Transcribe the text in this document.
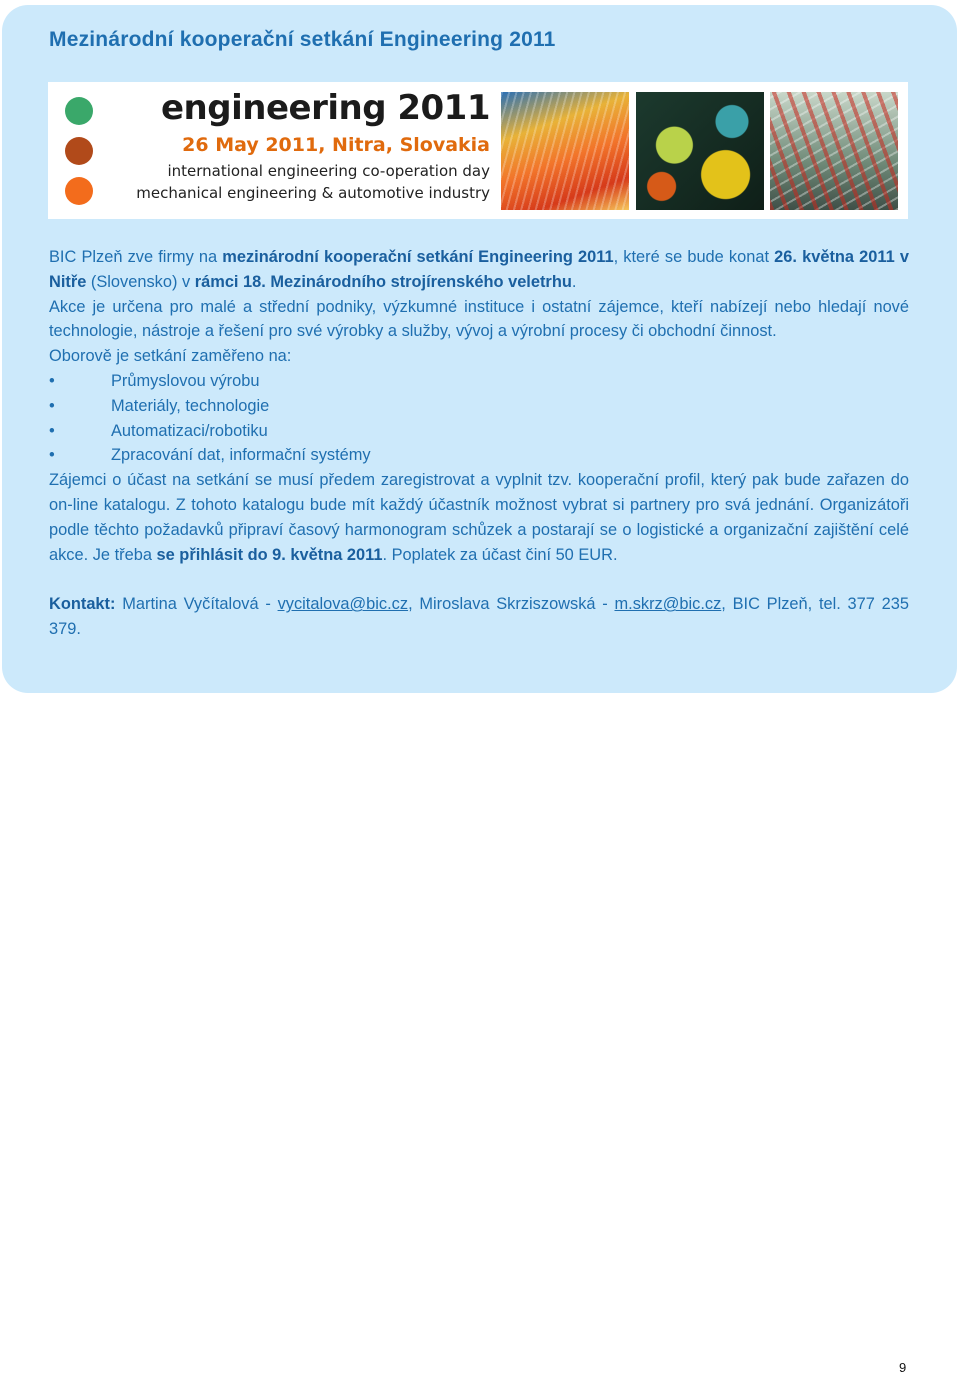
Mezinárodní kooperační setkání Engineering 2011
engineering 2011
26 May 2011, Nitra, Slovakia
international engineering co-operation day
mechanical engineering & automotive industry

BIC Plzeň zve firmy na mezinárodní kooperační setkání Engineering 2011, které se bude konat 26. května 2011 v Nitře (Slovensko) v rámci 18. Mezinárodního strojírenského veletrhu.

Akce je určena pro malé a střední podniky, výzkumné instituce i ostatní zájemce, kteří nabízejí nebo hledají nové technologie, nástroje a řešení pro své výrobky a služby, vývoj a výrobní procesy či obchodní činnost.

Oborově je setkání zaměřeno na:

•	Průmyslovou výrobu
•	Materiály, technologie
•	Automatizaci/robotiku
•	Zpracování dat, informační systémy

Zájemci o účast na setkání se musí předem zaregistrovat a vyplnit tzv. kooperační profil, který pak bude zařazen do on-line katalogu. Z tohoto katalogu bude mít každý účastník možnost vybrat si partnery pro svá jednání. Organizátoři podle těchto požadavků připraví časový harmonogram schůzek a postarají se o logistické a organizační zajištění celé akce. Je třeba se přihlásit do 9. května 2011. Poplatek za účast činí 50 EUR.

Kontakt: Martina Vyčítalová - vycitalova@bic.cz, Miroslava Skrziszowská - m.skrz@bic.cz, BIC Plzeň, tel. 377 235 379.

9
